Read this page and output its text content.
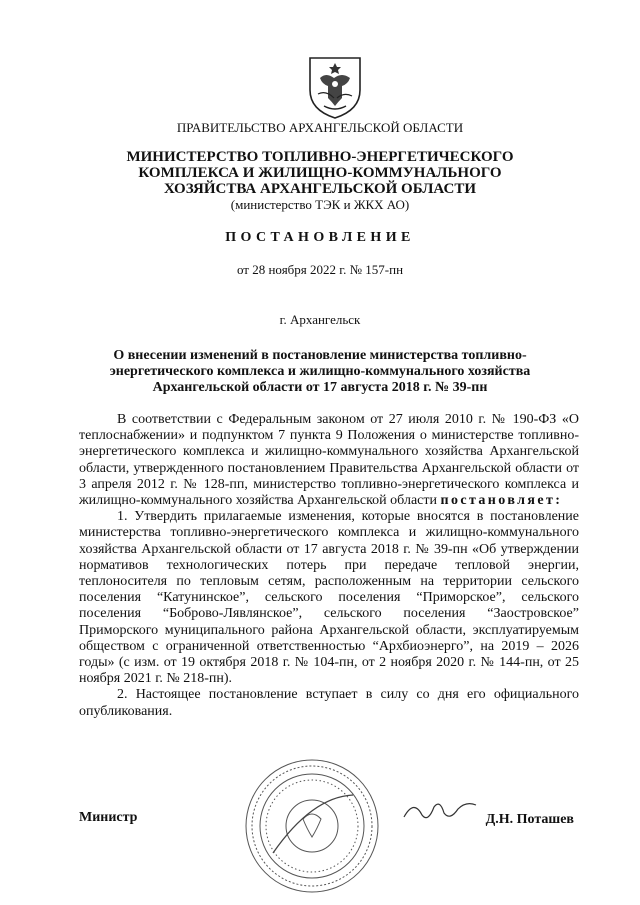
ПРАВИТЕЛЬСТВО АРХАНГЕЛЬСКОЙ ОБЛАСТИ
МИНИСТЕРСТВО ТОПЛИВНО-ЭНЕРГЕТИЧЕСКОГО
КОМПЛЕКСА И ЖИЛИЩНО-КОММУНАЛЬНОГО
ХОЗЯЙСТВА АРХАНГЕЛЬСКОЙ ОБЛАСТИ
(министерство ТЭК и ЖКХ АО)
ПОСТАНОВЛЕНИЕ
от 28 ноября 2022 г. № 157-пн
г. Архангельск
О внесении изменений в постановление министерства топливно-
энергетического комплекса и жилищно-коммунального хозяйства
Архангельской области от 17 августа 2018 г. № 39-пн

В соответствии с Федеральным законом от 27 июля 2010 г. № 190-ФЗ «О теплоснабжении» и подпунктом 7 пункта 9 Положения о министерстве топливно-энергетического комплекса и жилищно-коммунального хозяйства Архангельской области, утвержденного постановлением Правительства Архангельской области от 3 апреля 2012 г. № 128-пп, министерство топливно-энергетического комплекса и жилищно-коммунального хозяйства Архангельской области постановляет:

1. Утвердить прилагаемые изменения, которые вносятся в постановление министерства топливно-энергетического комплекса и жилищно-коммунального хозяйства Архангельской области от 17 августа 2018 г. № 39-пн «Об утверждении нормативов технологических потерь при передаче тепловой энергии, теплоносителя по тепловым сетям, расположенным на территории сельского поселения “Катунинское”, сельского поселения “Приморское”, сельского поселения “Боброво-Лявлянское”, сельского поселения “Заостровское” Приморского муниципального района Архангельской области, эксплуатируемым обществом с ограниченной ответственностью “Архбиоэнерго”, на 2019 – 2026 годы» (с изм. от 19 октября 2018 г. № 104-пн, от 2 ноября 2020 г. № 144-пн, от 25 ноября 2021 г. № 218-пн).

2. Настоящее постановление вступает в силу со дня его официального опубликования.

Министр	Д.Н. Поташев
